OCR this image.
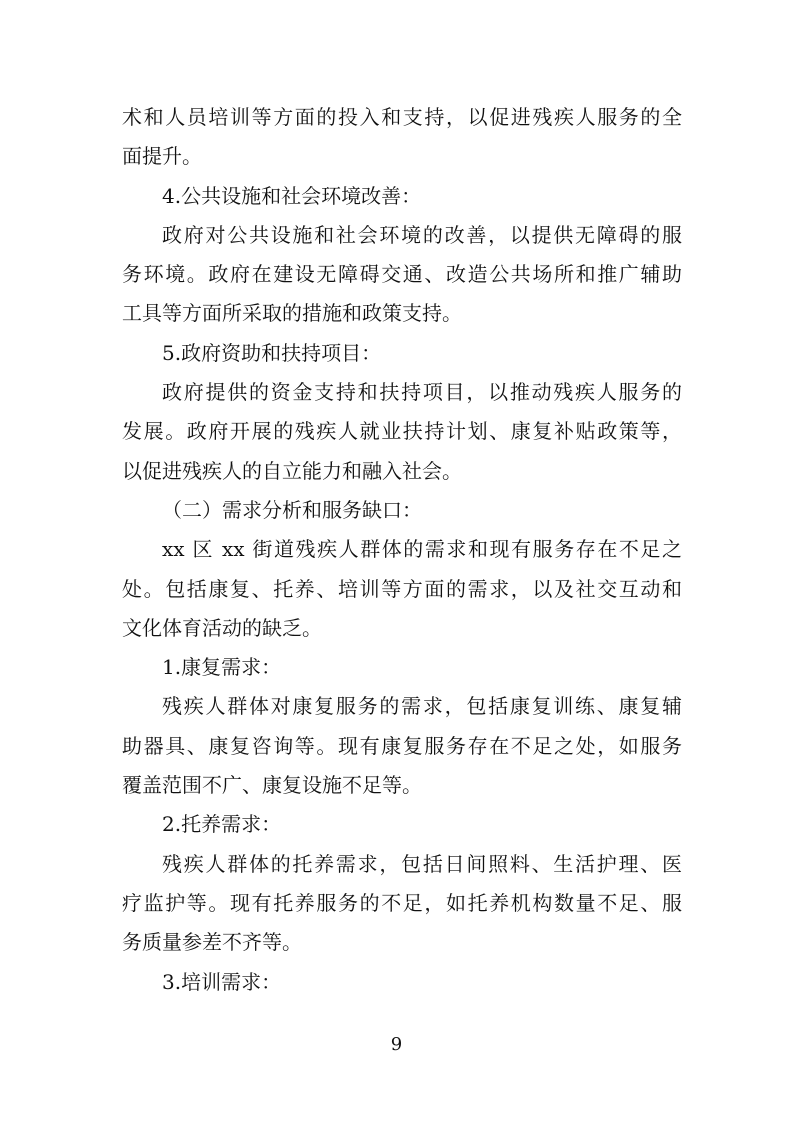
术和人员培训等方面的投入和支持，以促进残疾人服务的全
面提升。
4.公共设施和社会环境改善：
政府对公共设施和社会环境的改善，以提供无障碍的服
务环境。政府在建设无障碍交通、改造公共场所和推广辅助
工具等方面所采取的措施和政策支持。
5.政府资助和扶持项目：
政府提供的资金支持和扶持项目，以推动残疾人服务的
发展。政府开展的残疾人就业扶持计划、康复补贴政策等，
以促进残疾人的自立能力和融入社会。
（二）需求分析和服务缺口：
xx 区 xx 街道残疾人群体的需求和现有服务存在不足之
处。包括康复、托养、培训等方面的需求，以及社交互动和
文化体育活动的缺乏。
1.康复需求：
残疾人群体对康复服务的需求，包括康复训练、康复辅
助器具、康复咨询等。现有康复服务存在不足之处，如服务
覆盖范围不广、康复设施不足等。
2.托养需求：
残疾人群体的托养需求，包括日间照料、生活护理、医
疗监护等。现有托养服务的不足，如托养机构数量不足、服
务质量参差不齐等。
3.培训需求：
9
